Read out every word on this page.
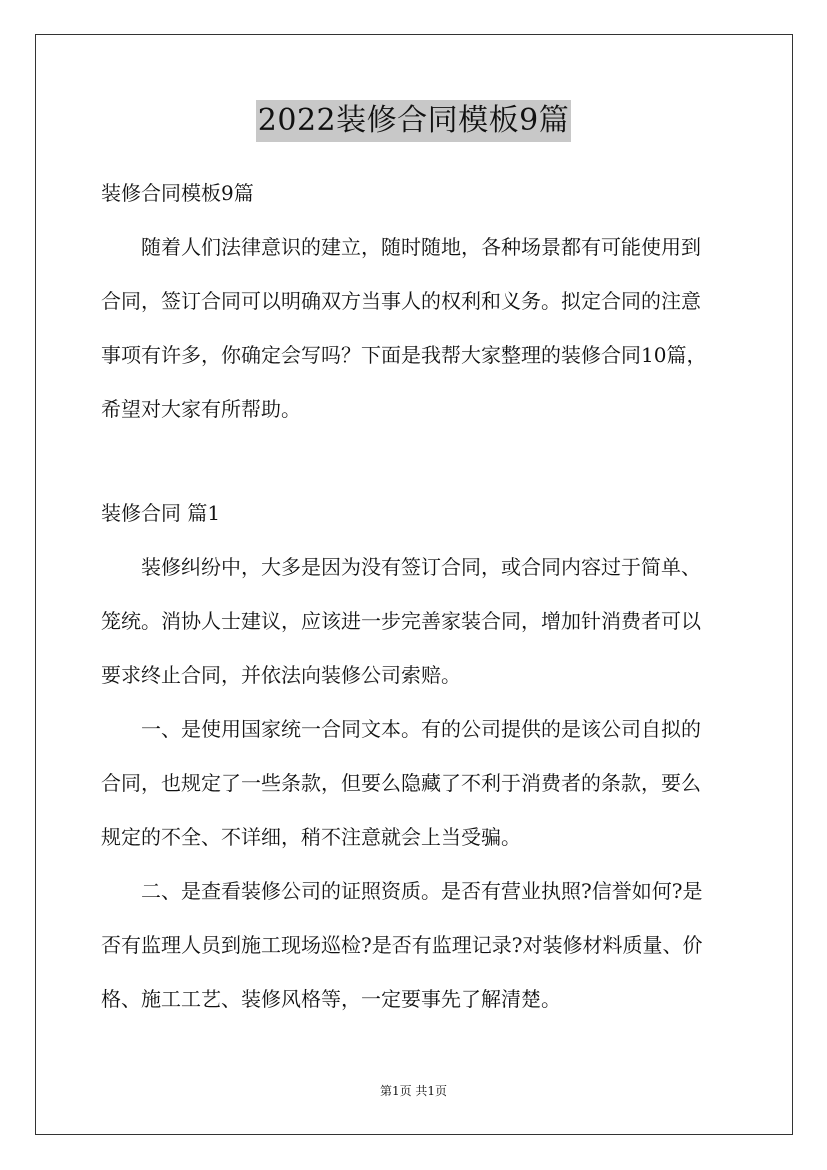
2022装修合同模板9篇
装修合同模板9篇
随着人们法律意识的建立，随时随地，各种场景都有可能使用到
合同，签订合同可以明确双方当事人的权利和义务。拟定合同的注意
事项有许多，你确定会写吗？下面是我帮大家整理的装修合同10篇，
希望对大家有所帮助。
装修合同 篇1
装修纠纷中，大多是因为没有签订合同，或合同内容过于简单、
笼统。消协人士建议，应该进一步完善家装合同，增加针消费者可以
要求终止合同，并依法向装修公司索赔。
一、是使用国家统一合同文本。有的公司提供的是该公司自拟的
合同，也规定了一些条款，但要么隐藏了不利于消费者的条款，要么
规定的不全、不详细，稍不注意就会上当受骗。
二、是查看装修公司的证照资质。是否有营业执照?信誉如何?是
否有监理人员到施工现场巡检?是否有监理记录?对装修材料质量、价
格、施工工艺、装修风格等，一定要事先了解清楚。
第1页 共1页
